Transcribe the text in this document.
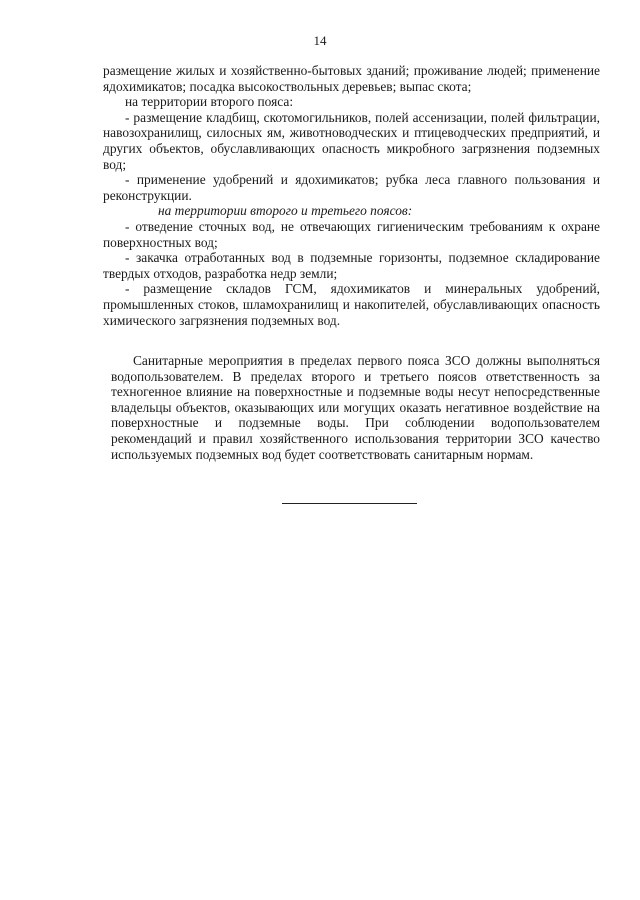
14

размещение жилых и хозяйственно-бытовых зданий; проживание людей; применение ядохимикатов; посадка высокоствольных деревьев; выпас скота;

на территории второго пояса:

- размещение кладбищ, скотомогильников, полей ассенизации, полей фильтрации, навозохранилищ, силосных ям, животноводческих и птицеводческих предприятий, и других объектов, обуславливающих опасность микробного загрязнения подземных вод;

- применение удобрений и ядохимикатов; рубка леса главного пользования и реконструкции.

на территории второго и третьего поясов:

- отведение сточных вод, не отвечающих гигиеническим требованиям к охране поверхностных вод;

- закачка отработанных вод в подземные горизонты, подземное складирование твердых отходов, разработка недр земли;

- размещение складов ГСМ, ядохимикатов и минеральных удобрений, промышленных стоков, шламохранилищ и накопителей, обуславливающих опасность химического загрязнения подземных вод.

Санитарные мероприятия в пределах первого пояса ЗСО должны выполняться водопользователем. В пределах второго и третьего поясов ответственность за техногенное влияние на поверхностные и подземные воды несут непосредственные владельцы объектов, оказывающих или могущих оказать негативное воздействие на поверхностные и подземные воды. При соблюдении водопользователем рекомендаций и правил хозяйственного использования территории ЗСО качество используемых подземных вод будет соответствовать санитарным нормам.
